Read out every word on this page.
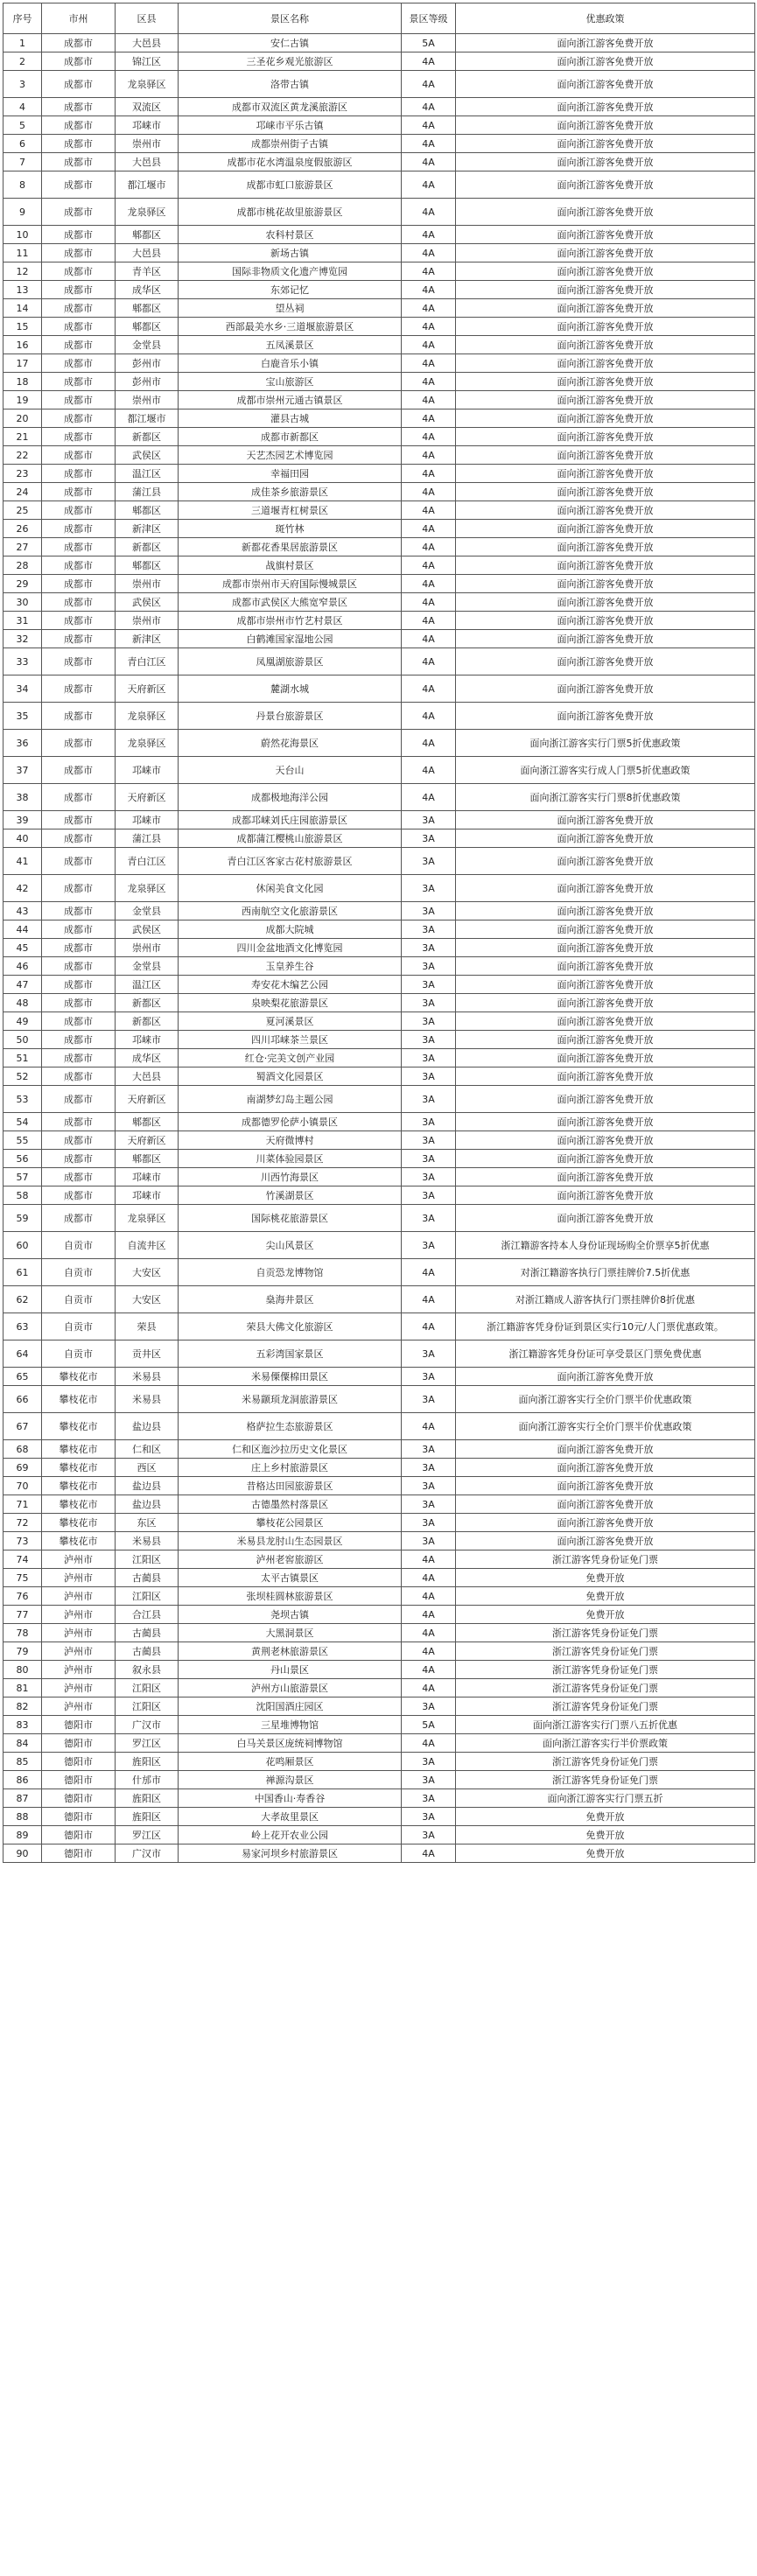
序号	市州	区县	景区名称	景区等级	优惠政策
1	成都市	大邑县	安仁古镇	5A	面向浙江游客免费开放
2	成都市	锦江区	三圣花乡观光旅游区	4A	面向浙江游客免费开放
3	成都市	龙泉驿区	洛带古镇	4A	面向浙江游客免费开放
4	成都市	双流区	成都市双流区黄龙溪旅游区	4A	面向浙江游客免费开放
5	成都市	邛崃市	邛崃市平乐古镇	4A	面向浙江游客免费开放
6	成都市	崇州市	成都崇州街子古镇	4A	面向浙江游客免费开放
7	成都市	大邑县	成都市花水湾温泉度假旅游区	4A	面向浙江游客免费开放
8	成都市	都江堰市	成都市虹口旅游景区	4A	面向浙江游客免费开放
9	成都市	龙泉驿区	成都市桃花故里旅游景区	4A	面向浙江游客免费开放
10	成都市	郫都区	农科村景区	4A	面向浙江游客免费开放
11	成都市	大邑县	新场古镇	4A	面向浙江游客免费开放
12	成都市	青羊区	国际非物质文化遗产博览园	4A	面向浙江游客免费开放
13	成都市	成华区	东郊记忆	4A	面向浙江游客免费开放
14	成都市	郫都区	望丛祠	4A	面向浙江游客免费开放
15	成都市	郫都区	西部最美水乡·三道堰旅游景区	4A	面向浙江游客免费开放
16	成都市	金堂县	五凤溪景区	4A	面向浙江游客免费开放
17	成都市	彭州市	白鹿音乐小镇	4A	面向浙江游客免费开放
18	成都市	彭州市	宝山旅游区	4A	面向浙江游客免费开放
19	成都市	崇州市	成都市崇州元通古镇景区	4A	面向浙江游客免费开放
20	成都市	都江堰市	灌县古城	4A	面向浙江游客免费开放
21	成都市	新都区	成都市新都区	4A	面向浙江游客免费开放
22	成都市	武侯区	天艺杰园艺术博览园	4A	面向浙江游客免费开放
23	成都市	温江区	幸福田园	4A	面向浙江游客免费开放
24	成都市	蒲江县	成佳茶乡旅游景区	4A	面向浙江游客免费开放
25	成都市	郫都区	三道堰青杠树景区	4A	面向浙江游客免费开放
26	成都市	新津区	斑竹林	4A	面向浙江游客免费开放
27	成都市	新都区	新都花香果居旅游景区	4A	面向浙江游客免费开放
28	成都市	郫都区	战旗村景区	4A	面向浙江游客免费开放
29	成都市	崇州市	成都市崇州市天府国际慢城景区	4A	面向浙江游客免费开放
30	成都市	武侯区	成都市武侯区大熊宽窄景区	4A	面向浙江游客免费开放
31	成都市	崇州市	成都市崇州市竹艺村景区	4A	面向浙江游客免费开放
32	成都市	新津区	白鹤滩国家湿地公园	4A	面向浙江游客免费开放
33	成都市	青白江区	凤凰湖旅游景区	4A	面向浙江游客免费开放
34	成都市	天府新区	麓湖水城	4A	面向浙江游客免费开放
35	成都市	龙泉驿区	丹景台旅游景区	4A	面向浙江游客免费开放
36	成都市	龙泉驿区	蔚然花海景区	4A	面向浙江游客实行门票5折优惠政策
37	成都市	邛崃市	天台山	4A	面向浙江游客实行成人门票5折优惠政策
38	成都市	天府新区	成都极地海洋公园	4A	面向浙江游客实行门票8折优惠政策
39	成都市	邛崃市	成都邛崃刘氏庄园旅游景区	3A	面向浙江游客免费开放
40	成都市	蒲江县	成都蒲江樱桃山旅游景区	3A	面向浙江游客免费开放
41	成都市	青白江区	青白江区客家古花村旅游景区	3A	面向浙江游客免费开放
42	成都市	龙泉驿区	休闲美食文化园	3A	面向浙江游客免费开放
43	成都市	金堂县	西南航空文化旅游景区	3A	面向浙江游客免费开放
44	成都市	武侯区	成都大院城	3A	面向浙江游客免费开放
45	成都市	崇州市	四川金盆地酒文化博览园	3A	面向浙江游客免费开放
46	成都市	金堂县	玉皇养生谷	3A	面向浙江游客免费开放
47	成都市	温江区	寿安花木编艺公园	3A	面向浙江游客免费开放
48	成都市	新都区	泉映梨花旅游景区	3A	面向浙江游客免费开放
49	成都市	新都区	夏河溪景区	3A	面向浙江游客免费开放
50	成都市	邛崃市	四川邛崃茶兰景区	3A	面向浙江游客免费开放
51	成都市	成华区	红仓·完美文创产业园	3A	面向浙江游客免费开放
52	成都市	大邑县	蜀酒文化园景区	3A	面向浙江游客免费开放
53	成都市	天府新区	南湖梦幻岛主题公园	3A	面向浙江游客免费开放
54	成都市	郫都区	成都德罗伦萨小镇景区	3A	面向浙江游客免费开放
55	成都市	天府新区	天府微博村	3A	面向浙江游客免费开放
56	成都市	郫都区	川菜体验园景区	3A	面向浙江游客免费开放
57	成都市	邛崃市	川西竹海景区	3A	面向浙江游客免费开放
58	成都市	邛崃市	竹溪湖景区	3A	面向浙江游客免费开放
59	成都市	龙泉驿区	国际桃花旅游景区	3A	面向浙江游客免费开放
60	自贡市	自流井区	尖山风景区	3A	浙江籍游客持本人身份证现场购全价票享5折优惠
61	自贡市	大安区	自贡恐龙博物馆	4A	对浙江籍游客执行门票挂牌价7.5折优惠
62	自贡市	大安区	燊海井景区	4A	对浙江籍成人游客执行门票挂牌价8折优惠
63	自贡市	荣县	荣县大佛文化旅游区	4A	浙江籍游客凭身份证到景区实行10元/人门票优惠政策。
64	自贡市	贡井区	五彩湾国家景区	3A	浙江籍游客凭身份证可享受景区门票免费优惠
65	攀枝花市	米易县	米易傈僳棉田景区	3A	面向浙江游客免费开放
66	攀枝花市	米易县	米易颛顼龙洞旅游景区	3A	面向浙江游客实行全价门票半价优惠政策
67	攀枝花市	盐边县	格萨拉生态旅游景区	4A	面向浙江游客实行全价门票半价优惠政策
68	攀枝花市	仁和区	仁和区迤沙拉历史文化景区	3A	面向浙江游客免费开放
69	攀枝花市	西区	庄上乡村旅游景区	3A	面向浙江游客免费开放
70	攀枝花市	盐边县	昔格达田园旅游景区	3A	面向浙江游客免费开放
71	攀枝花市	盐边县	古德墨然村落景区	3A	面向浙江游客免费开放
72	攀枝花市	东区	攀枝花公园景区	3A	面向浙江游客免费开放
73	攀枝花市	米易县	米易县龙肘山生态园景区	3A	面向浙江游客免费开放
74	泸州市	江阳区	泸州老窖旅游区	4A	浙江游客凭身份证免门票
75	泸州市	古蔺县	太平古镇景区	4A	免费开放
76	泸州市	江阳区	张坝桂圆林旅游景区	4A	免费开放
77	泸州市	合江县	尧坝古镇	4A	免费开放
78	泸州市	古蔺县	大黑洞景区	4A	浙江游客凭身份证免门票
79	泸州市	古蔺县	黄荆老林旅游景区	4A	浙江游客凭身份证免门票
80	泸州市	叙永县	丹山景区	4A	浙江游客凭身份证免门票
81	泸州市	江阳区	泸州方山旅游景区	4A	浙江游客凭身份证免门票
82	泸州市	江阳区	沈阳国酒庄园区	3A	浙江游客凭身份证免门票
83	德阳市	广汉市	三星堆博物馆	5A	面向浙江游客实行门票八五折优惠
84	德阳市	罗江区	白马关景区庞统祠博物馆	4A	面向浙江游客实行半价票政策
85	德阳市	旌阳区	花鸣厢景区	3A	浙江游客凭身份证免门票
86	德阳市	什邡市	禅源沟景区	3A	浙江游客凭身份证免门票
87	德阳市	旌阳区	中国香山·寿香谷	3A	面向浙江游客实行门票五折
88	德阳市	旌阳区	大孝故里景区	3A	免费开放
89	德阳市	罗江区	岭上花开农业公园	3A	免费开放
90	德阳市	广汉市	易家河坝乡村旅游景区	4A	免费开放
